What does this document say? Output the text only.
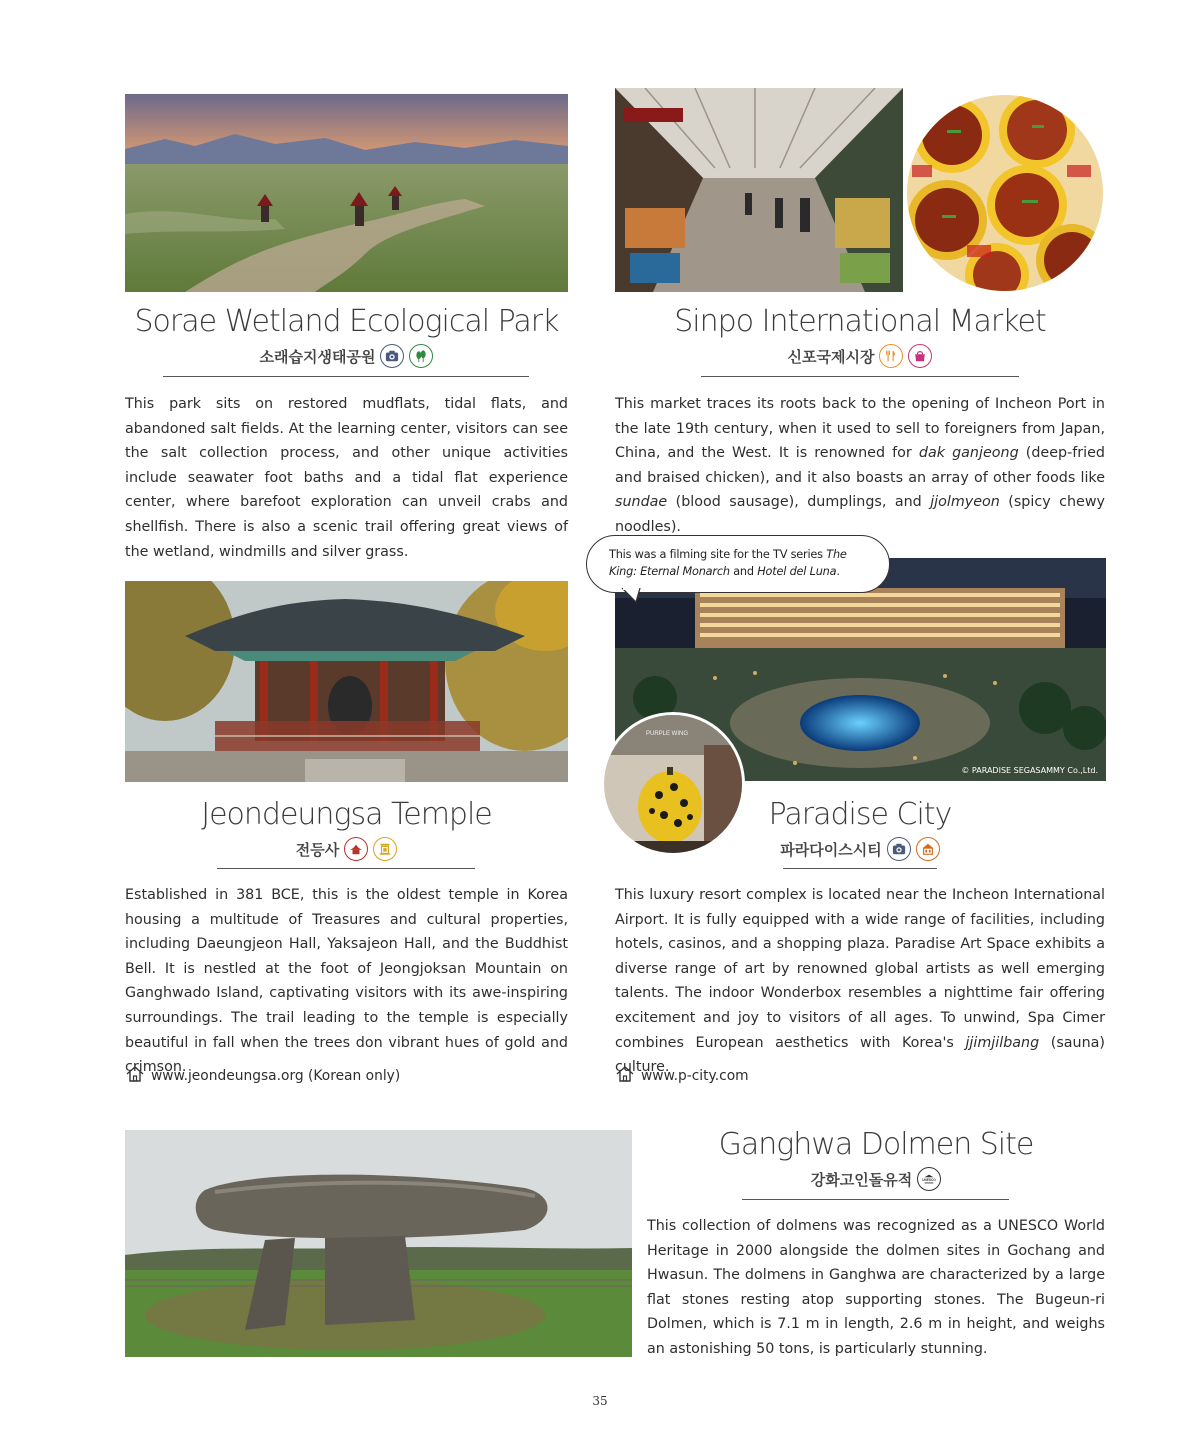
Sorae Wetland Ecological Park
소래습지생태공원
This park sits on restored mudflats, tidal flats, and abandoned salt fields. At the learning center, visitors can see the salt collection process, and other unique activities include seawater foot baths and a tidal flat experience center, where barefoot exploration can unveil crabs and shellfish. There is also a scenic trail offering great views of the wetland, windmills and silver grass.
Sinpo International Market
신포국제시장
This market traces its roots back to the opening of Incheon Port in the late 19th century, when it used to sell to foreigners from Japan, China, and the West. It is renowned for dak ganjeong (deep-fried and braised chicken), and it also boasts an array of other foods like sundae (blood sausage), dumplings, and jjolmyeon (spicy chewy noodles).
Jeondeungsa Temple
전등사
Established in 381 BCE, this is the oldest temple in Korea housing a multitude of Treasures and cultural properties, including Daeungjeon Hall, Yaksajeon Hall, and the Buddhist Bell. It is nestled at the foot of Jeongjoksan Mountain on Ganghwado Island, captivating visitors with its awe-inspiring surroundings. The trail leading to the temple is especially beautiful in fall when the trees don vibrant hues of gold and crimson.
www.jeondeungsa.org (Korean only)
© PARADISE SEGASAMMY Co.,Ltd.
This was a filming site for the TV series The King: Eternal Monarch and Hotel del Luna.
PURPLE WING
Paradise City
파라다이스시티
This luxury resort complex is located near the Incheon International Airport. It is fully equipped with a wide range of facilities, including hotels, casinos, and a shopping plaza. Paradise Art Space exhibits a diverse range of art by renowned global artists as well emerging talents. The indoor Wonderbox resembles a nighttime fair offering excitement and joy to visitors of all ages. To unwind, Spa Cimer combines European aesthetics with Korea's jjimjilbang (sauna) culture.
www.p-city.com
Ganghwa Dolmen Site
강화고인돌유적	UNESCO
This collection of dolmens was recognized as a UNESCO World Heritage in 2000 alongside the dolmen sites in Gochang and Hwasun. The dolmens in Ganghwa are characterized by a large flat stones resting atop supporting stones. The Bugeun-ri Dolmen, which is 7.1 m in length, 2.6 m in height, and weighs an astonishing 50 tons, is particularly stunning.
35
